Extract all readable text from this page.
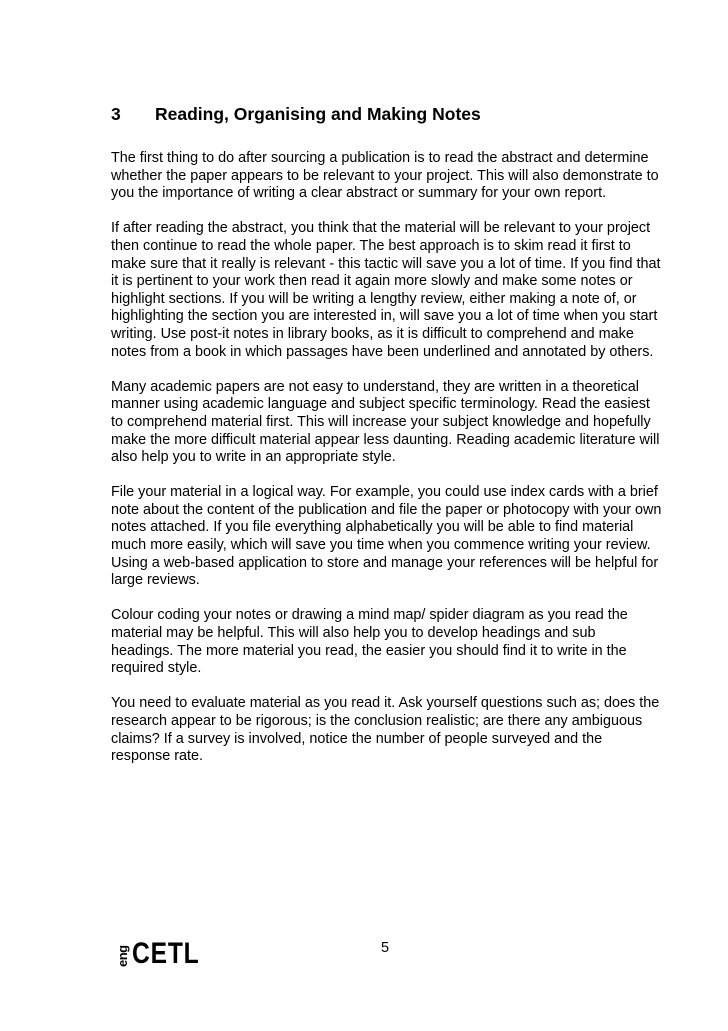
3 Reading, Organising and Making Notes

The first thing to do after sourcing a publication is to read the abstract and determine
whether the paper appears to be relevant to your project. This will also demonstrate to
you the importance of writing a clear abstract or summary for your own report.

If after reading the abstract, you think that the material will be relevant to your project
then continue to read the whole paper. The best approach is to skim read it first to
make sure that it really is relevant - this tactic will save you a lot of time. If you find that
it is pertinent to your work then read it again more slowly and make some notes or
highlight sections. If you will be writing a lengthy review, either making a note of, or
highlighting the section you are interested in, will save you a lot of time when you start
writing. Use post-it notes in library books, as it is difficult to comprehend and make
notes from a book in which passages have been underlined and annotated by others.

Many academic papers are not easy to understand, they are written in a theoretical
manner using academic language and subject specific terminology. Read the easiest
to comprehend material first. This will increase your subject knowledge and hopefully
make the more difficult material appear less daunting. Reading academic literature will
also help you to write in an appropriate style.

File your material in a logical way. For example, you could use index cards with a brief
note about the content of the publication and file the paper or photocopy with your own
notes attached. If you file everything alphabetically you will be able to find material
much more easily, which will save you time when you commence writing your review.
Using a web-based application to store and manage your references will be helpful for
large reviews.

Colour coding your notes or drawing a mind map/ spider diagram as you read the
material may be helpful. This will also help you to develop headings and sub
headings. The more material you read, the easier you should find it to write in the
required style.

You need to evaluate material as you read it. Ask yourself questions such as; does the
research appear to be rigorous; is the conclusion realistic; are there any ambiguous
claims? If a survey is involved, notice the number of people surveyed and the
response rate.

eng CETL	5
